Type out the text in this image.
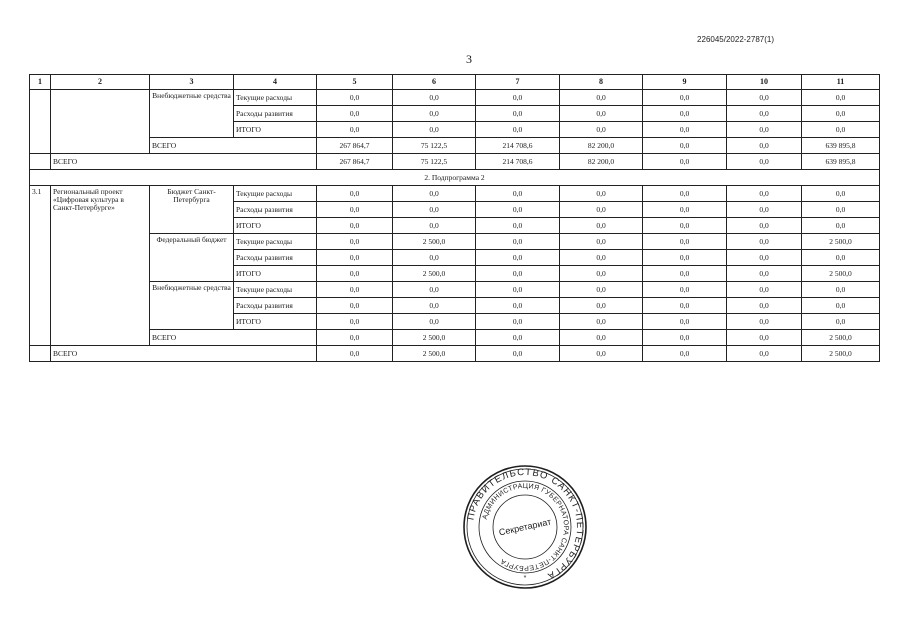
226045/2022-2787(1)
3
1	2	3	4	5	6	7	8	9	10	11
		Внебюджетные средства	Текущие расходы	0,0	0,0	0,0	0,0	0,0	0,0	0,0
			Расходы развития	0,0	0,0	0,0	0,0	0,0	0,0	0,0
			ИТОГО	0,0	0,0	0,0	0,0	0,0	0,0	0,0
		ВСЕГО		267 864,7	75 122,5	214 708,6	82 200,0	0,0	0,0	639 895,8
	ВСЕГО			267 864,7	75 122,5	214 708,6	82 200,0	0,0	0,0	639 895,8
2. Подпрограмма 2										
3.1	Региональный проект «Цифровая культура в Санкт-Петербурге»	Бюджет Санкт-Петербурга	Текущие расходы	0,0	0,0	0,0	0,0	0,0	0,0	0,0
			Расходы развития	0,0	0,0	0,0	0,0	0,0	0,0	0,0
			ИТОГО	0,0	0,0	0,0	0,0	0,0	0,0	0,0
		Федеральный бюджет	Текущие расходы	0,0	2 500,0	0,0	0,0	0,0	0,0	2 500,0
			Расходы развития	0,0	0,0	0,0	0,0	0,0	0,0	0,0
			ИТОГО	0,0	2 500,0	0,0	0,0	0,0	0,0	2 500,0
		Внебюджетные средства	Текущие расходы	0,0	0,0	0,0	0,0	0,0	0,0	0,0
			Расходы развития	0,0	0,0	0,0	0,0	0,0	0,0	0,0
			ИТОГО	0,0	0,0	0,0	0,0	0,0	0,0	0,0
		ВСЕГО		0,0	2 500,0	0,0	0,0	0,0	0,0	2 500,0
	ВСЕГО			0,0	2 500,0	0,0	0,0	0,0	0,0	2 500,0
ПРАВИТЕЛЬСТВО САНКТ-ПЕТЕРБУРГА
АДМИНИСТРАЦИЯ ГУБЕРНАТОРА САНКТ-ПЕТЕРБУРГА
Секретариат
*
